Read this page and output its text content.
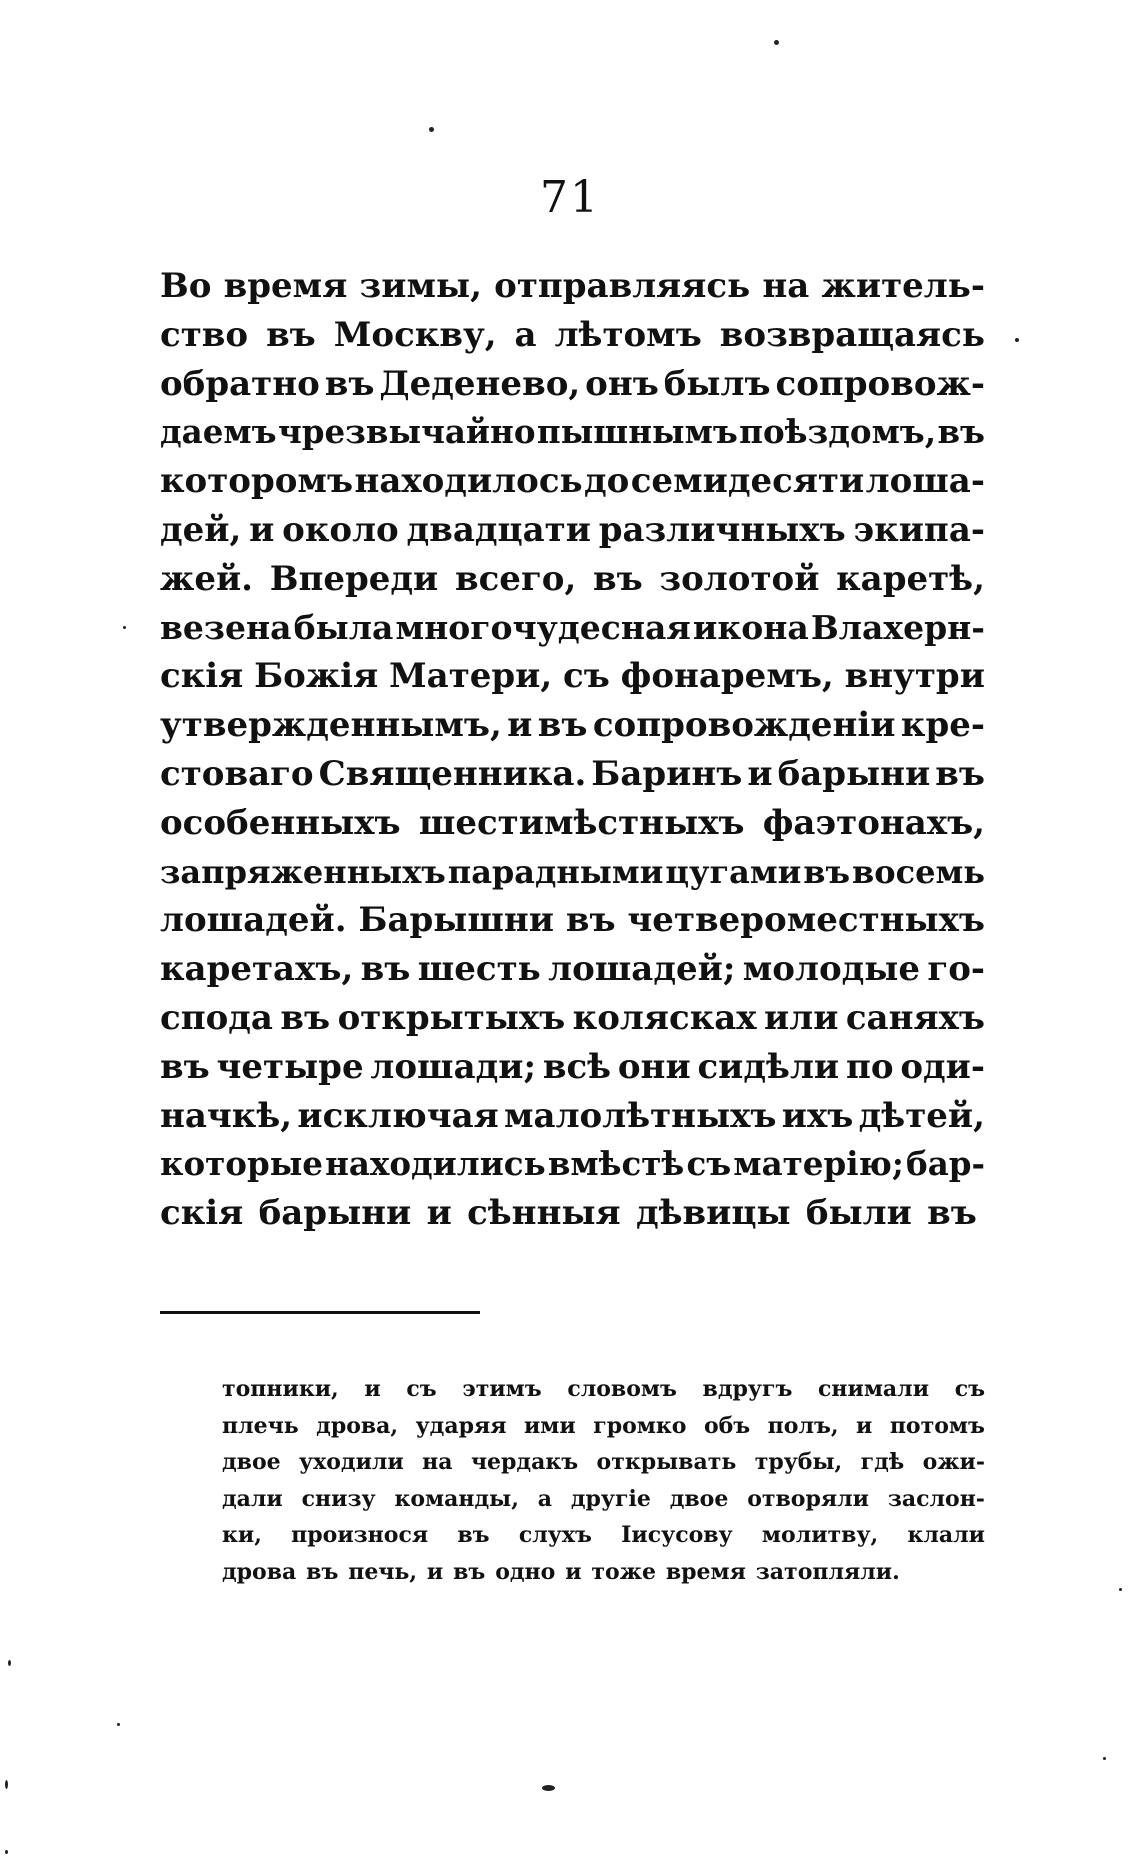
71
Во время зимы, отправляясь на житель-
ство въ Москву, а лѣтомъ возвращаясь
обратно въ Деденево, онъ былъ сопровож-
даемъ чрезвычайно пышнымъ поѣздомъ, въ
которомъ находилось до семидесяти лоша-
дей, и около двадцати различныхъ экипа-
жей. Впереди всего, въ золотой каретѣ,
везена была многочудесная икона Влахерн-
скія Божія Матери, съ фонаремъ, внутри
утвержденнымъ, и въ сопровожденіи кре-
стоваго Священника. Баринъ и барыни въ
особенныхъ шестимѣстныхъ фаэтонахъ,
запряженныхъ парадными цугами въ восемь
лошадей. Барышни въ четвероместныхъ
каретахъ, въ шесть лошадей; молодые го-
спода въ открытыхъ колясках или саняхъ
въ четыре лошади; всѣ они сидѣли по оди-
начкѣ, исключая малолѣтныхъ ихъ дѣтей,
которые находились вмѣстѣ съ матерію; бар-
скія барыни и сѣнныя дѣвицы были въ
топники, и съ этимъ словомъ вдругъ снимали съ
плечь дрова, ударяя ими громко объ полъ, и потомъ
двое уходили на чердакъ открывать трубы, гдѣ ожи-
дали снизу команды, а другіе двое отворяли заслон-
ки, произнося въ слухъ Іисусову молитву, клали
дрова въ печь, и въ одно и тоже время затопляли.
